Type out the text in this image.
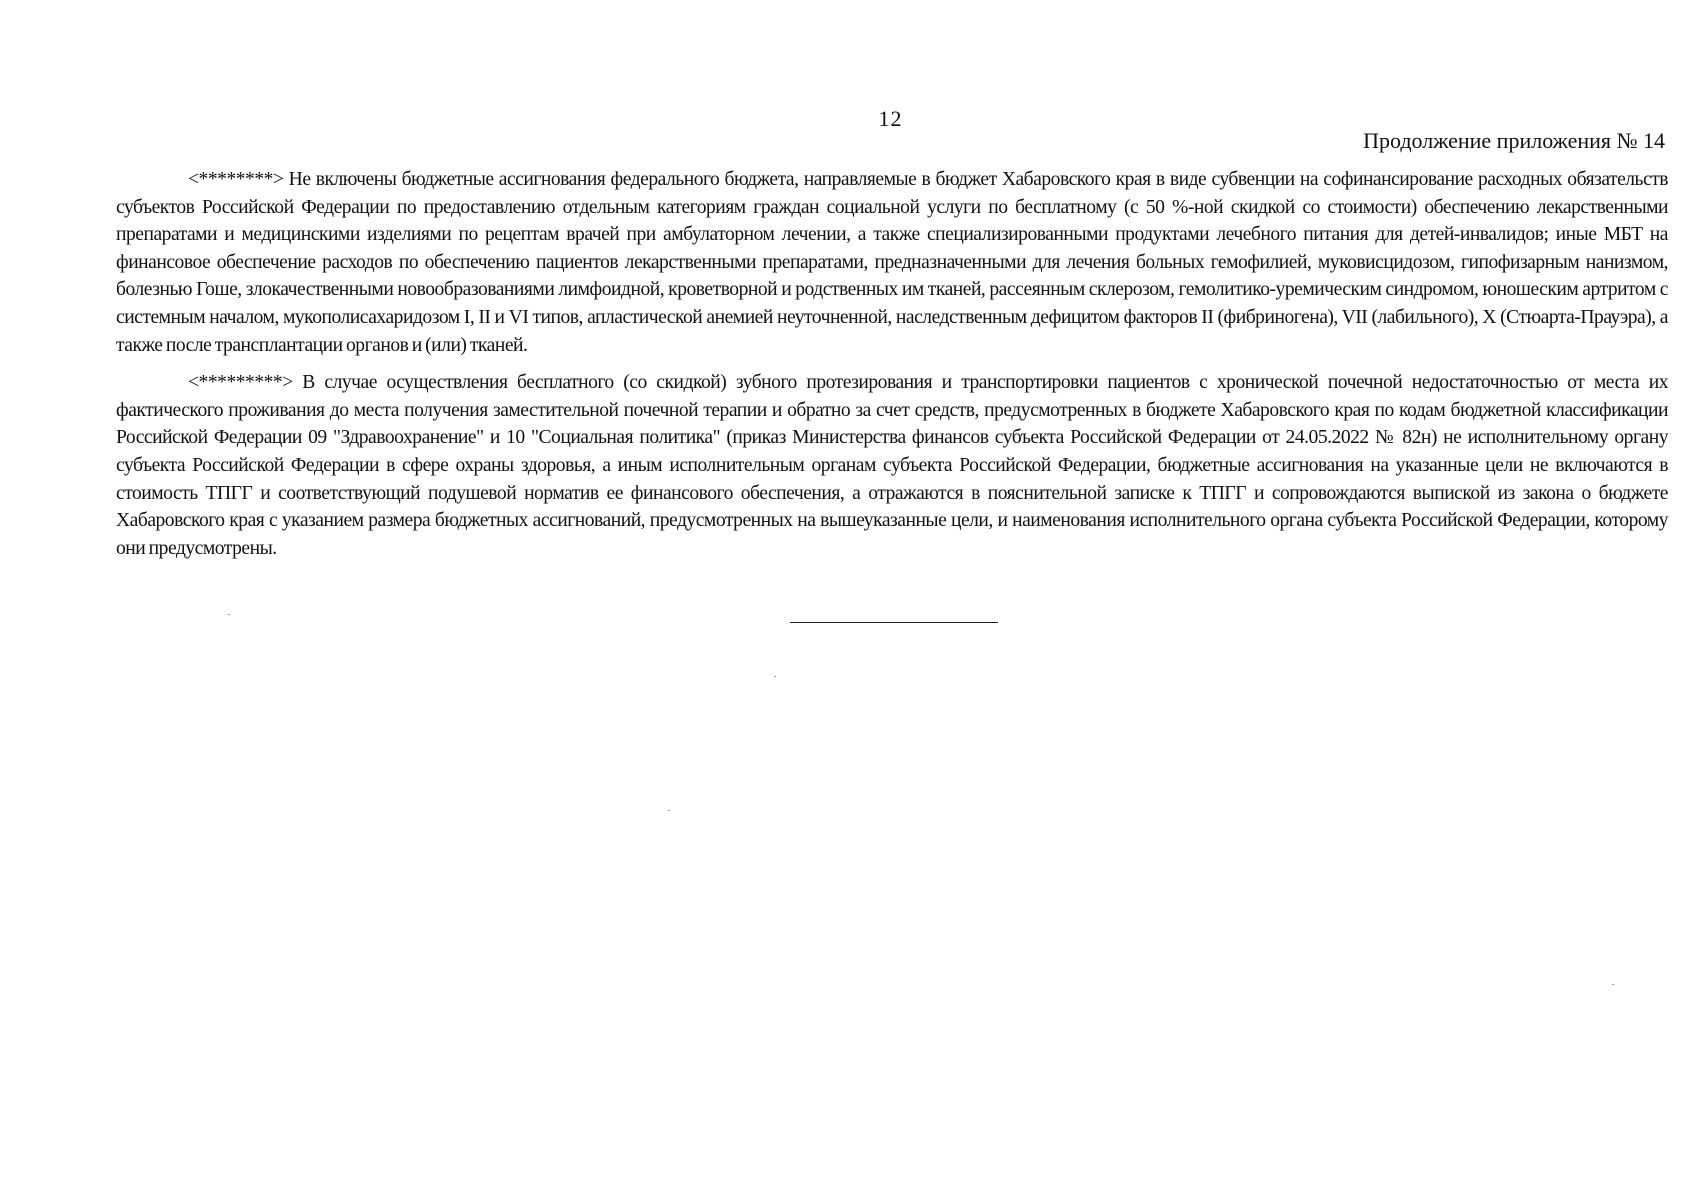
12
Продолжение приложения № 14

<********> Не включены бюджетные ассигнования федерального бюджета, направляемые в бюджет Хабаровского края в виде субвенции на софинансирование расходных обязательств субъектов Российской Федерации по предоставлению отдельным категориям граждан социальной услуги по бесплатному (с 50 %-ной скидкой со стоимости) обеспечению лекарственными препаратами и медицинскими изделиями по рецептам врачей при амбулаторном лечении, а также специализированными продуктами лечебного питания для детей-инвалидов; иные МБТ на финансовое обеспечение расходов по обеспечению пациентов лекарственными препаратами, предназначенными для лечения больных гемофилией, муковисцидозом, гипофизарным нанизмом, болезнью Гоше, злокачественными новообразованиями лимфоидной, кроветворной и родственных им тканей, рассеянным склерозом, гемолитико-уремическим синдромом, юношеским артритом с системным началом, мукополисахаридозом I, II и VI типов, апластической анемией неуточненной, наследственным дефицитом факторов II (фибриногена), VII (лабильного), X (Стюарта-Прауэра), а также после трансплантации органов и (или) тканей.

<*********> В случае осуществления бесплатного (со скидкой) зубного протезирования и транспортировки пациентов с хронической почечной недостаточностью от места их фактического проживания до места получения заместительной почечной терапии и обратно за счет средств, предусмотренных в бюджете Хабаровского края по кодам бюджетной классификации Российской Федерации 09 "Здравоохранение" и 10 "Социальная политика" (приказ Министерства финансов субъекта Российской Федерации от 24.05.2022 № 82н) не исполнительному органу субъекта Российской Федерации в сфере охраны здоровья, а иным исполнительным органам субъекта Российской Федерации, бюджетные ассигнования на указанные цели не включаются в стоимость ТПГГ и соответствующий подушевой норматив ее финансового обеспечения, а отражаются в пояснительной записке к ТПГГ и сопровождаются выпиской из закона о бюджете Хабаровского края с указанием размера бюджетных ассигнований, предусмотренных на вышеуказанные цели, и наименования исполнительного органа субъекта Российской Федерации, которому они предусмотрены.
